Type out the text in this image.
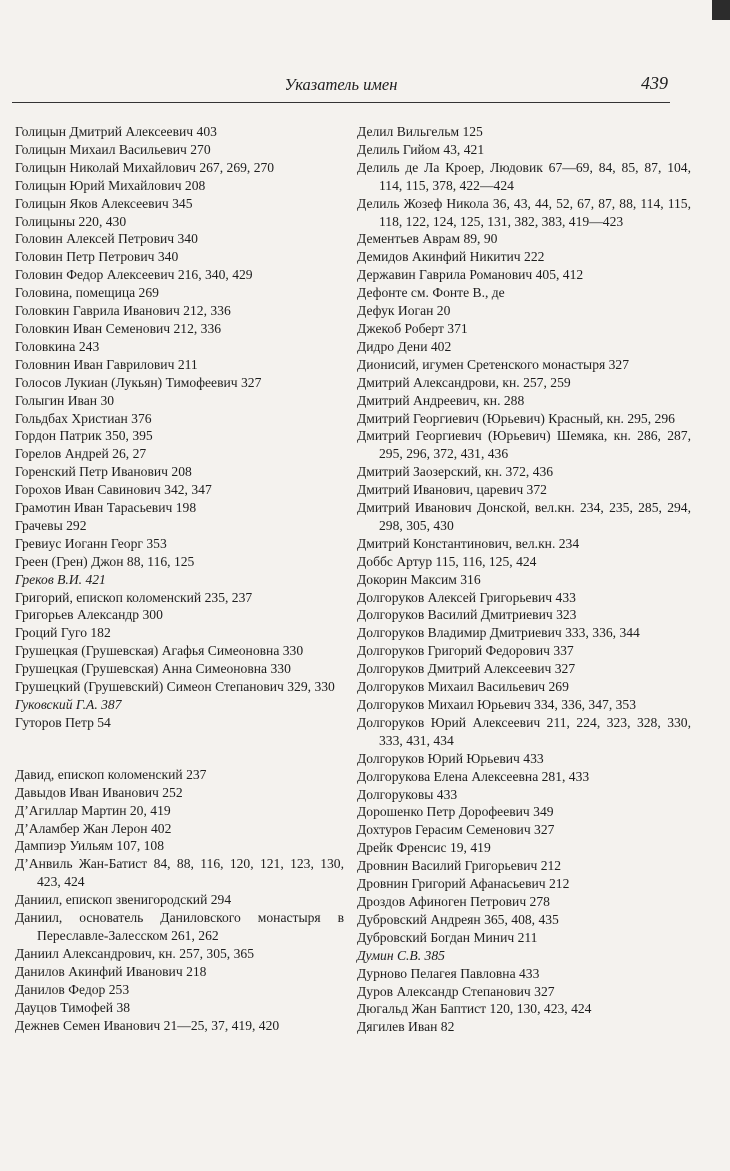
Указатель имен	439
Голицын Дмитрий Алексеевич 403
Голицын Михаил Васильевич 270
Голицын Николай Михайлович 267, 269, 270
Голицын Юрий Михайлович 208
Голицын Яков Алексеевич 345
Голицыны 220, 430
Головин Алексей Петрович 340
Головин Петр Петрович 340
Головин Федор Алексеевич 216, 340, 429
Головина, помещица 269
Головкин Гаврила Иванович 212, 336
Головкин Иван Семенович 212, 336
Головкина 243
Головнин Иван Гаврилович 211
Голосов Лукиан (Лукьян) Тимофеевич 327
Голыгин Иван 30
Гольдбах Христиан 376
Гордон Патрик 350, 395
Горелов Андрей 26, 27
Горенский Петр Иванович 208
Горохов Иван Савинович 342, 347
Грамотин Иван Тарасьевич 198
Грачевы 292
Гревиус Иоганн Георг 353
Греен (Грен) Джон 88, 116, 125
Греков В.И. 421
Григорий, епископ коломенский 235, 237
Григорьев Александр 300
Гроций Гуго 182
Грушецкая (Грушевская) Агафья Симеоновна 330
Грушецкая (Грушевская) Анна Симеоновна 330
Грушецкий (Грушевский) Симеон Степанович 329, 330
Гуковский Г.А. 387
Гуторов Петр 54
Давид, епископ коломенский 237
Давыдов Иван Иванович 252
Д’Агиллар Мартин 20, 419
Д’Аламбер Жан Лерон 402
Дампиэр Уильям 107, 108
Д’Анвиль Жан-Батист 84, 88, 116, 120, 121, 123, 130, 423, 424
Даниил, епископ звенигородский 294
Даниил, основатель Даниловского монастыря в Переславле-Залесском 261, 262
Даниил Александрович, кн. 257, 305, 365
Данилов Акинфий Иванович 218
Данилов Федор 253
Дауцов Тимофей 38
Дежнев Семен Иванович 21—25, 37, 419, 420
Делил Вильгельм 125
Делиль Гийом 43, 421
Делиль де Ла Кроер, Людовик 67—69, 84, 85, 87, 104, 114, 115, 378, 422—424
Делиль Жозеф Никола 36, 43, 44, 52, 67, 87, 88, 114, 115, 118, 122, 124, 125, 131, 382, 383, 419—423
Дементьев Аврам 89, 90
Демидов Акинфий Никитич 222
Державин Гаврила Романович 405, 412
Дефонте см. Фонте В., де
Дефук Иоган 20
Джекоб Роберт 371
Дидро Дени 402
Дионисий, игумен Сретенского монастыря 327
Дмитрий Александрови, кн. 257, 259
Дмитрий Андреевич, кн. 288
Дмитрий Георгиевич (Юрьевич) Красный, кн. 295, 296
Дмитрий Георгиевич (Юрьевич) Шемяка, кн. 286, 287, 295, 296, 372, 431, 436
Дмитрий Заозерский, кн. 372, 436
Дмитрий Иванович, царевич 372
Дмитрий Иванович Донской, вел.кн. 234, 235, 285, 294, 298, 305, 430
Дмитрий Константинович, вел.кн. 234
Доббс Артур 115, 116, 125, 424
Докорин Максим 316
Долгоруков Алексей Григорьевич 433
Долгоруков Василий Дмитриевич 323
Долгоруков Владимир Дмитриевич 333, 336, 344
Долгоруков Григорий Федорович 337
Долгоруков Дмитрий Алексеевич 327
Долгоруков Михаил Васильевич 269
Долгоруков Михаил Юрьевич 334, 336, 347, 353
Долгоруков Юрий Алексеевич 211, 224, 323, 328, 330, 333, 431, 434
Долгоруков Юрий Юрьевич 433
Долгорукова Елена Алексеевна 281, 433
Долгоруковы 433
Дорошенко Петр Дорофеевич 349
Дохтуров Герасим Семенович 327
Дрейк Френсис 19, 419
Дровнин Василий Григорьевич 212
Дровнин Григорий Афанасьевич 212
Дроздов Афиноген Петрович 278
Дубровский Андреян 365, 408, 435
Дубровский Богдан Минич 211
Думин С.В. 385
Дурново Пелагея Павловна 433
Дуров Александр Степанович 327
Дюгальд Жан Баптист 120, 130, 423, 424
Дягилев Иван 82
